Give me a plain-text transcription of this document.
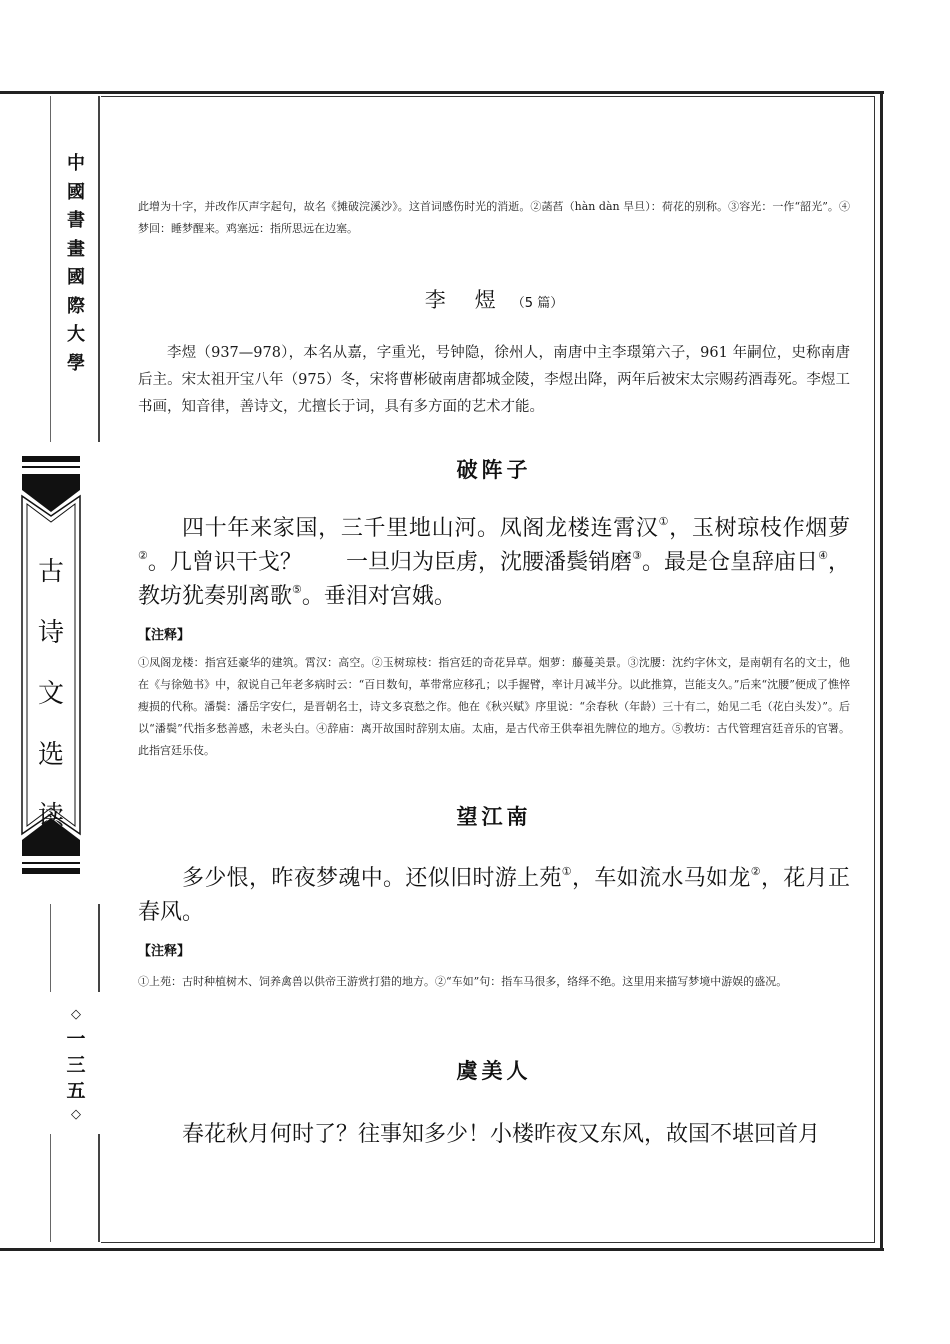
中
國
書
畫
國
際
大
學
古
诗
文
选
读
◇
一
三
五
◇
此增为十字，并改作仄声字起句，故名《摊破浣溪沙》。这首词感伤时光的消逝。②菡萏（hàn dàn 旱旦）：荷花的别称。③容光：一作“韶光”。④梦回：睡梦醒来。鸡塞远：指所思远在边塞。
李　煜 （5 篇）
李煜（937—978），本名从嘉，字重光，号钟隐，徐州人，南唐中主李璟第六子，961 年嗣位，史称南唐后主。宋太祖开宝八年（975）冬，宋将曹彬破南唐都城金陵，李煜出降，两年后被宋太宗赐药酒毒死。李煜工书画，知音律，善诗文，尤擅长于词，具有多方面的艺术才能。
破阵子
四十年来家国，三千里地山河。凤阁龙楼连霄汉①，玉树琼枝作烟萝②。几曾识干戈？　　一旦归为臣虏，沈腰潘鬓销磨③。最是仓皇辞庙日④，教坊犹奏别离歌⑤。垂泪对宫娥。
【注释】
①凤阁龙楼：指宫廷豪华的建筑。霄汉：高空。②玉树琼枝：指宫廷的奇花异草。烟萝：藤蔓美景。③沈腰：沈约字休文，是南朝有名的文士，他在《与徐勉书》中，叙说自己年老多病时云：“百日数旬，革带常应移孔；以手握臂，率计月减半分。以此推算，岂能支久。”后来“沈腰”便成了憔悴瘦损的代称。潘鬓：潘岳字安仁，是晋朝名士，诗文多哀愁之作。他在《秋兴赋》序里说：“余春秋（年龄）三十有二，始见二毛（花白头发）”。后以“潘鬓”代指多愁善感，未老头白。④辞庙：离开故国时辞别太庙。太庙，是古代帝王供奉祖先牌位的地方。⑤教坊：古代管理宫廷音乐的官署。此指宫廷乐伎。
望江南
多少恨，昨夜梦魂中。还似旧时游上苑①，车如流水马如龙②，花月正春风。
【注释】
①上苑：古时种植树木、饲养禽兽以供帝王游赏打猎的地方。②“车如”句：指车马很多，络绎不绝。这里用来描写梦境中游娱的盛况。
虞美人
春花秋月何时了？往事知多少！小楼昨夜又东风，故国不堪回首月
